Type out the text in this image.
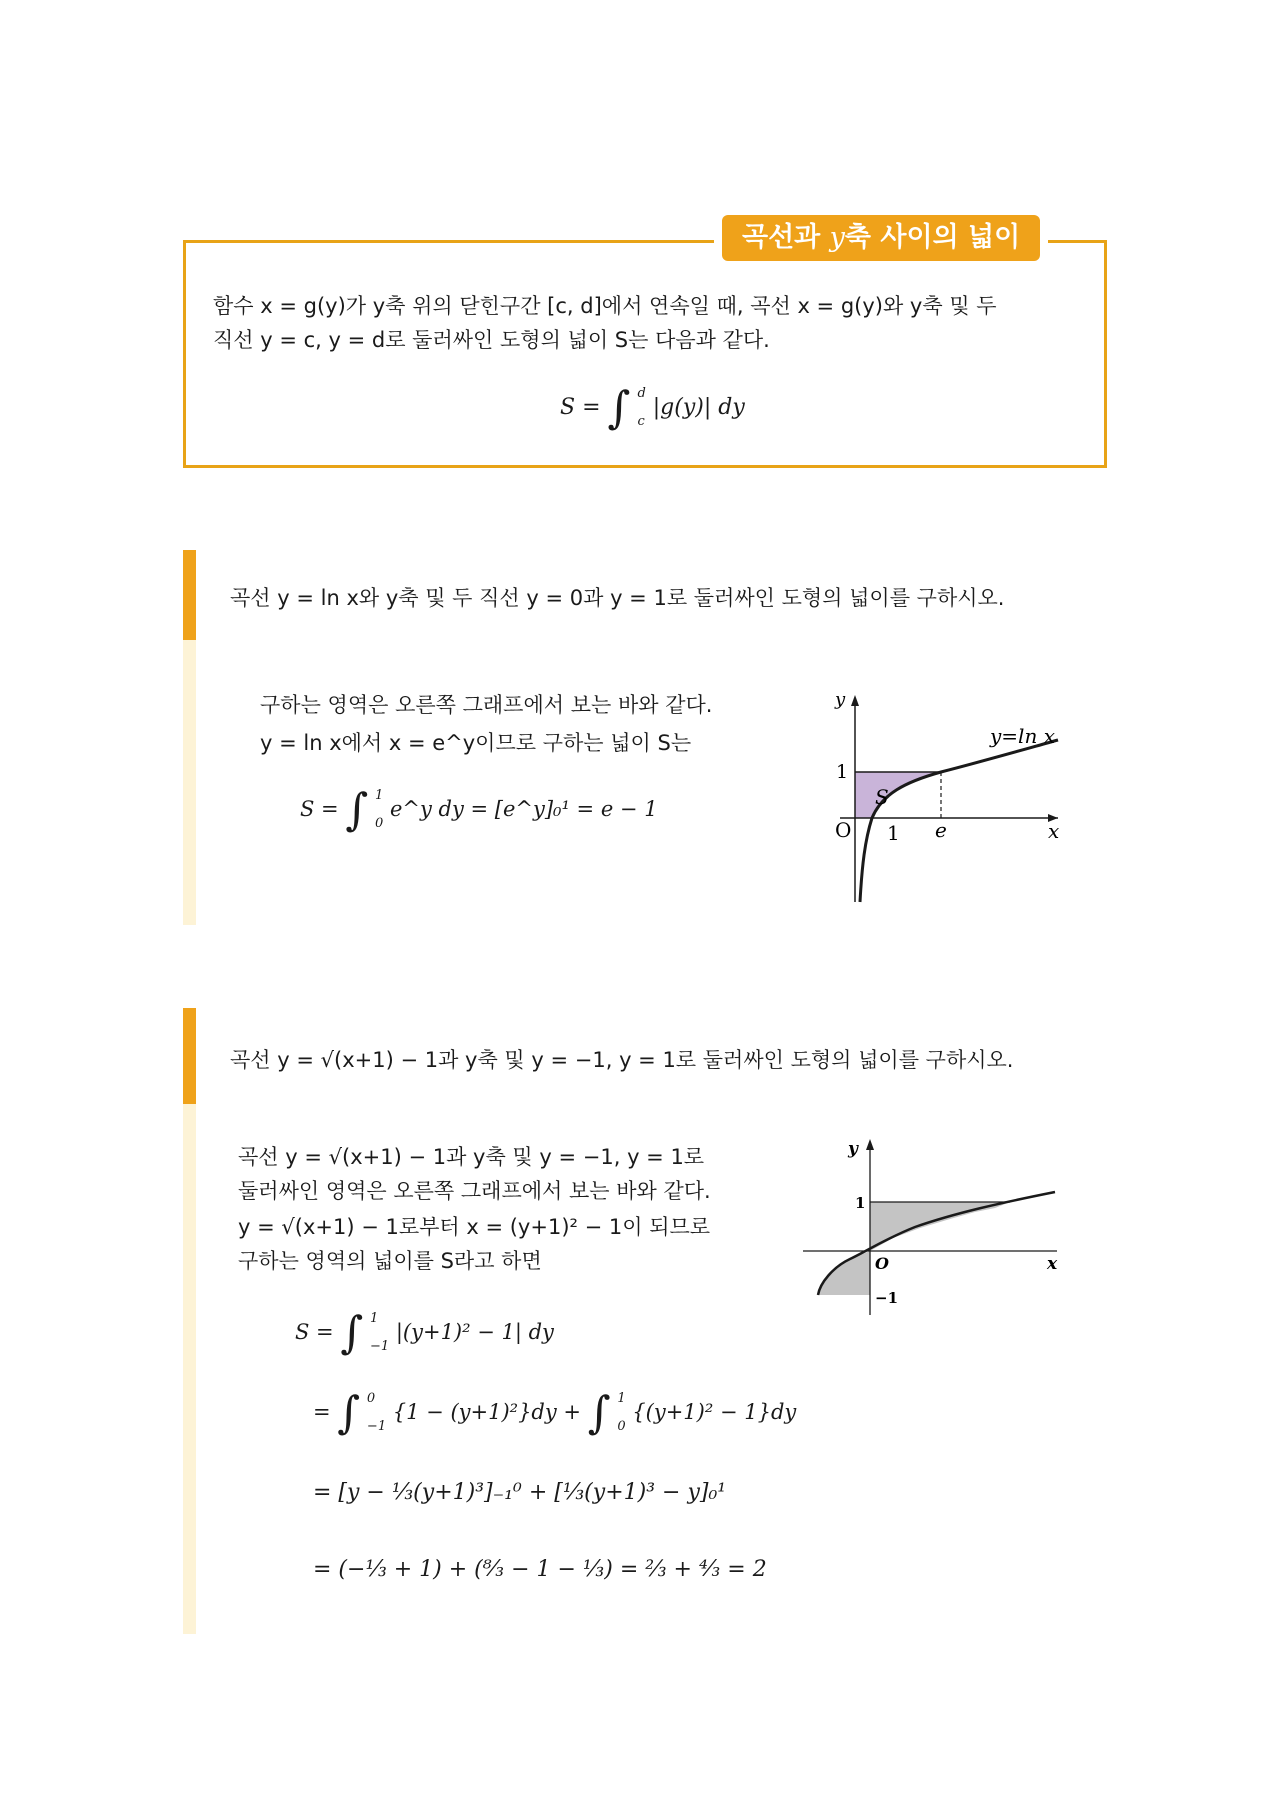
곡선과 y축 사이의 넓이
함수 x = g(y)가 y축 위의 닫힌구간 [c, d]에서 연속일 때, 곡선 x = g(y)와 y축 및 두
직선 y = c, y = d로 둘러싸인 도형의 넓이 S는 다음과 같다.
S = ∫ d
c
|g(y)| dy
곡선 y = ln x와 y축 및 두 직선 y = 0과 y = 1로 둘러싸인 도형의 넓이를 구하시오.
구하는 영역은 오른쪽 그래프에서 보는 바와 같다.
y = ln x에서 x = e^y이므로 구하는 넓이 S는
S = ∫ 1
0
e^y dy = [e^y]₀¹ = e − 1
y
x
O
1
1 e
S
y=ln x
곡선 y = √(x+1) − 1과 y축 및 y = −1, y = 1로 둘러싸인 도형의 넓이를 구하시오.
곡선 y = √(x+1) − 1과 y축 및 y = −1, y = 1로
둘러싸인 영역은 오른쪽 그래프에서 보는 바와 같다.
y = √(x+1) − 1로부터 x = (y+1)² − 1이 되므로
구하는 영역의 넓이를 S라고 하면
S = ∫ 1
−1
|(y+1)² − 1| dy
= ∫ 0
−1
{1 − (y+1)²}dy + ∫ 1
0
{(y+1)² − 1}dy
= [y − ⅓(y+1)³]₋₁⁰ + [⅓(y+1)³ − y]₀¹
= (−⅓ + 1) + (⁸⁄₃ − 1 − ⅓) = ⅔ + ⁴⁄₃ = 2
y
x
O
1
−1
